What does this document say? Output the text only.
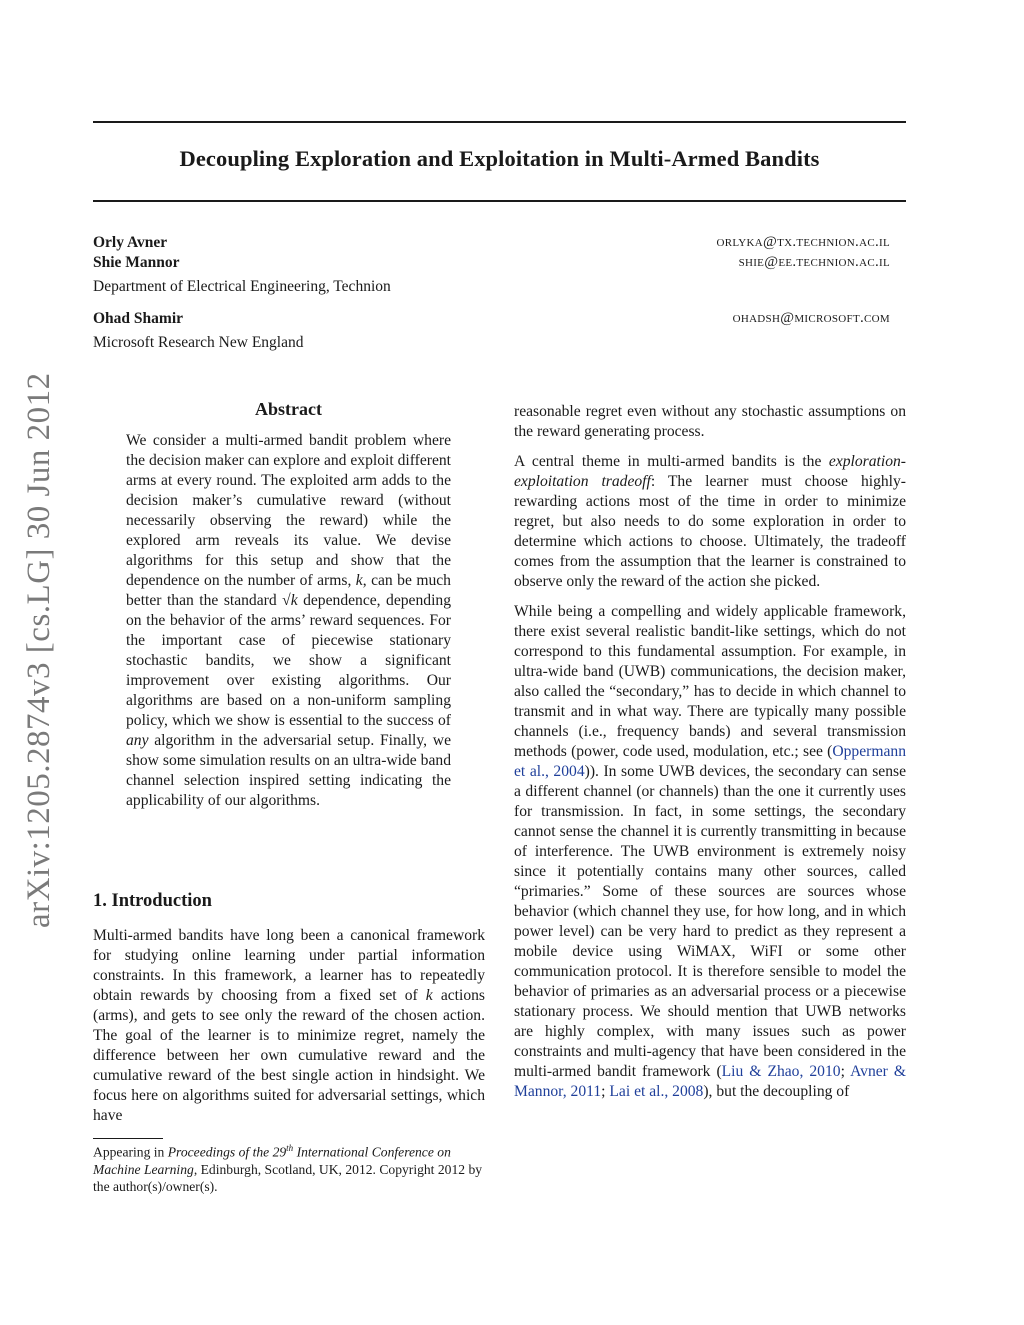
Decoupling Exploration and Exploitation in Multi-Armed Bandits
Orly Avner	orlyka@tx.technion.ac.il
Shie Mannor	shie@ee.technion.ac.il
Department of Electrical Engineering, Technion
Ohad Shamir	ohadsh@microsoft.com
Microsoft Research New England
arXiv:1205.2874v3 [cs.LG] 30 Jun 2012	Abstract

We consider a multi-armed bandit problem where the decision maker can explore and exploit different arms at every round. The exploited arm adds to the decision maker’s cumulative reward (without necessarily observing the reward) while the explored arm reveals its value. We devise algorithms for this setup and show that the dependence on the number of arms, k, can be much better than the standard √k dependence, depending on the behavior of the arms’ reward sequences. For the important case of piecewise stationary stochastic bandits, we show a significant improvement over existing algorithms. Our algorithms are based on a non-uniform sampling policy, which we show is essential to the success of any algorithm in the adversarial setup. Finally, we show some simulation results on an ultra-wide band channel selection inspired setting indicating the applicability of our algorithms.

1. Introduction

Multi-armed bandits have long been a canonical framework for studying online learning under partial information constraints. In this framework, a learner has to repeatedly obtain rewards by choosing from a fixed set of k actions (arms), and gets to see only the reward of the chosen action. The goal of the learner is to minimize regret, namely the difference between her own cumulative reward and the cumulative reward of the best single action in hindsight. We focus here on algorithms suited for adversarial settings, which have

Appearing in Proceedings of the 29th International Conference on Machine Learning, Edinburgh, Scotland, UK, 2012. Copyright 2012 by the author(s)/owner(s).

reasonable regret even without any stochastic assumptions on the reward generating process.

A central theme in multi-armed bandits is the exploration-exploitation tradeoff: The learner must choose highly-rewarding actions most of the time in order to minimize regret, but also needs to do some exploration in order to determine which actions to choose. Ultimately, the tradeoff comes from the assumption that the learner is constrained to observe only the reward of the action she picked.

While being a compelling and widely applicable framework, there exist several realistic bandit-like settings, which do not correspond to this fundamental assumption. For example, in ultra-wide band (UWB) communications, the decision maker, also called the “secondary,” has to decide in which channel to transmit and in what way. There are typically many possible channels (i.e., frequency bands) and several transmission methods (power, code used, modulation, etc.; see (Oppermann et al., 2004)). In some UWB devices, the secondary can sense a different channel (or channels) than the one it currently uses for transmission. In fact, in some settings, the secondary cannot sense the channel it is currently transmitting in because of interference. The UWB environment is extremely noisy since it potentially contains many other sources, called “primaries.” Some of these sources are sources whose behavior (which channel they use, for how long, and in which power level) can be very hard to predict as they represent a mobile device using WiMAX, WiFI or some other communication protocol. It is therefore sensible to model the behavior of primaries as an adversarial process or a piecewise stationary process. We should mention that UWB networks are highly complex, with many issues such as power constraints and multi-agency that have been considered in the multi-armed bandit framework (Liu & Zhao, 2010; Avner & Mannor, 2011; Lai et al., 2008), but the decoupling of
